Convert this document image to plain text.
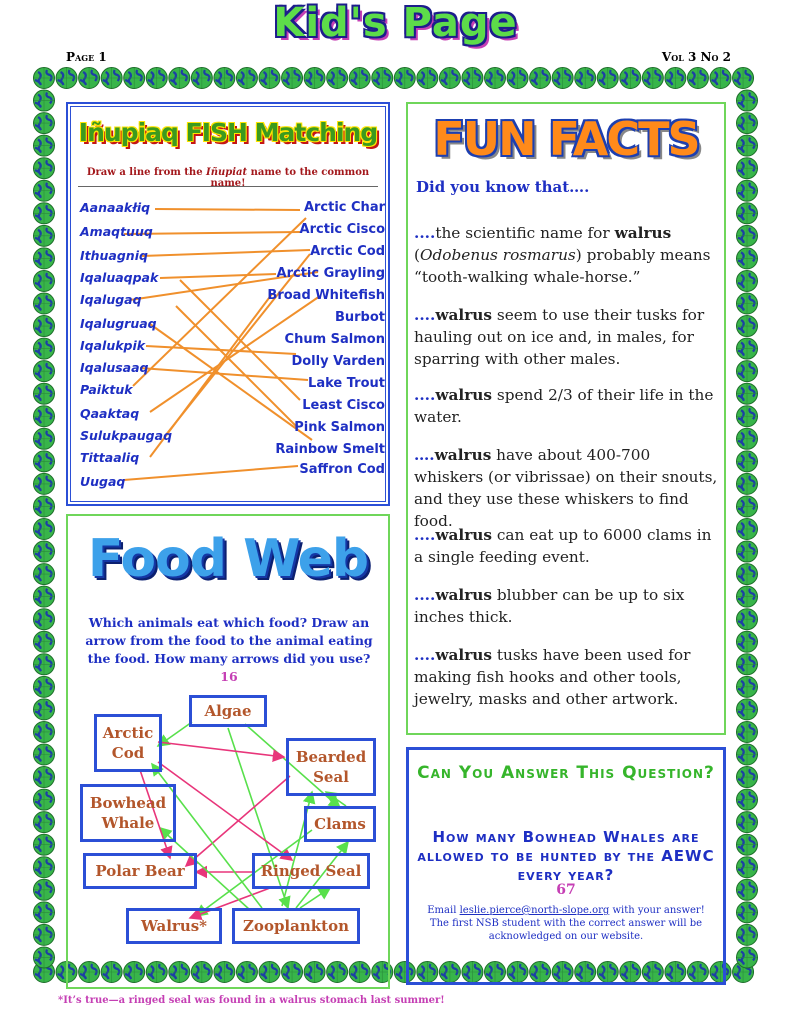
Kid's Page
Page 1	Vol 3 No 2
Iñupiaq FISH Matching
Draw a line from the Iñupiat name to the common name!
Aanaakłiq
Amaqtuuq
Ithuagniq
Iqaluaqpak
Iqalugaq
Iqalugruaq
Iqalukpik
Iqalusaaq
Paiktuk
Qaaktaq
Sulukpaugaq
Tittaaliq
Uugaq
Arctic Char
Arctic Cisco
Arctic Cod
Arctic Grayling
Broad Whitefish
Burbot
Chum Salmon
Dolly Varden
Lake Trout
Least Cisco
Pink Salmon
Rainbow Smelt
Saffron Cod
Food Web
Which animals eat which food? Draw an arrow from the food to the animal eating the food. How many arrows did you use? 16
Arctic Cod
Algae
Bearded Seal
Bowhead Whale	Clams
Polar Bear	Ringed Seal
Walrus*	Zooplankton
FUN FACTS
Did you know that….
....the scientific name for walrus (Odobenus rosmarus) probably means “tooth-walking whale-horse.”
....walrus seem to use their tusks for hauling out on ice and, in males, for sparring with other males.
....walrus spend 2/3 of their life in the water.
….walrus have about 400-700 whiskers (or vibrissae) on their snouts, and they use these whiskers to find food.
....walrus can eat up to 6000 clams in a single feeding event.
....walrus blubber can be up to six inches thick.
....walrus tusks have been used for making fish hooks and other tools, jewelry, masks and other artwork.
Can You Answer This Question?
How many Bowhead Whales are allowed to be hunted by the AEWC every year?
67
Email leslie.pierce@north-slope.org with your answer! The first NSB student with the correct answer will be acknowledged on our website.
*It’s true—a ringed seal was found in a walrus stomach last summer!
